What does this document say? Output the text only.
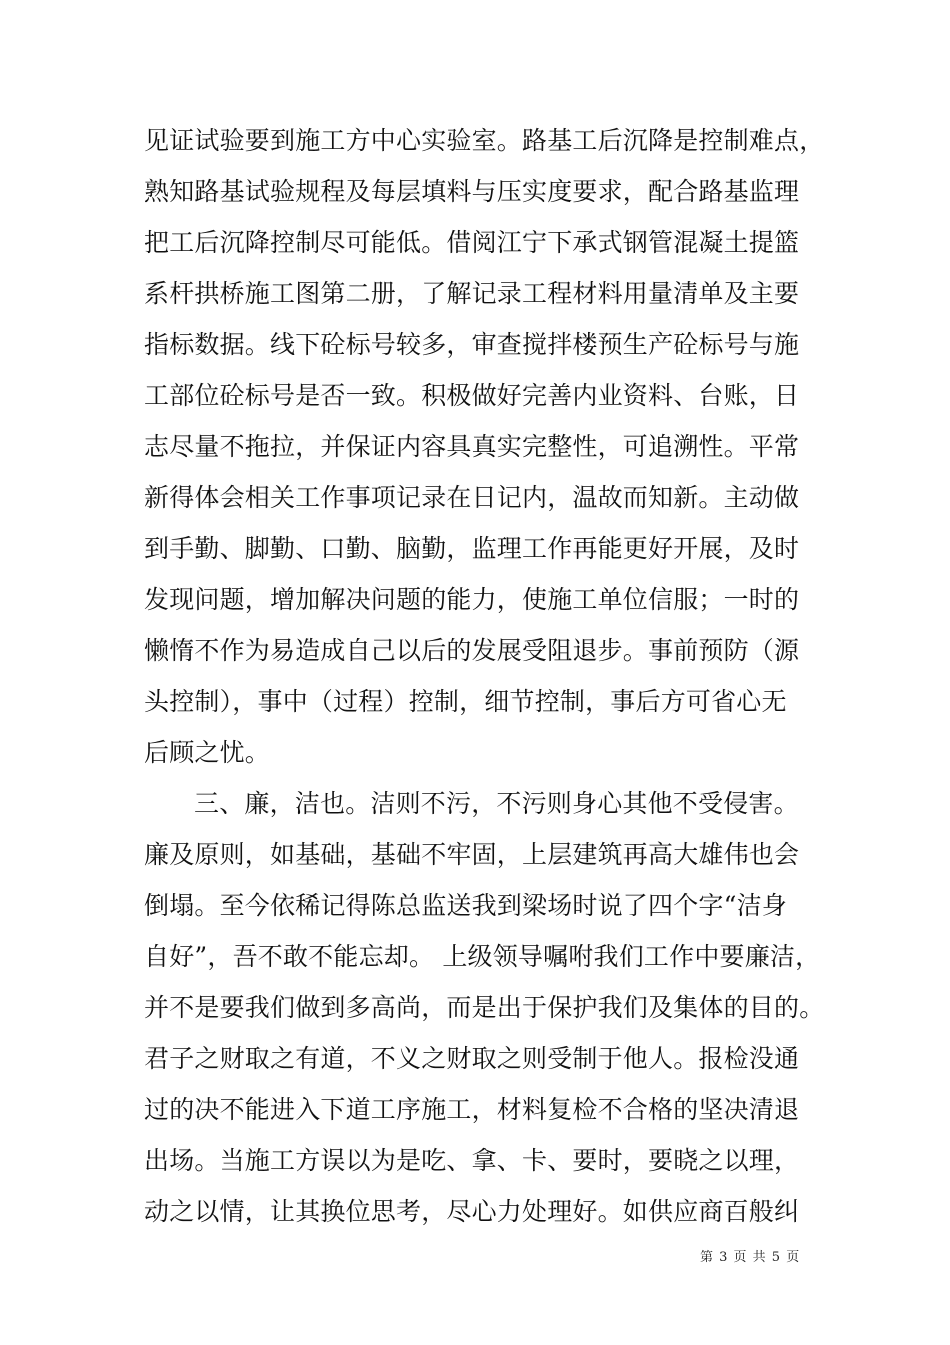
见证试验要到施工方中心实验室。路基工后沉降是控制难点，
熟知路基试验规程及每层填料与压实度要求，配合路基监理
把工后沉降控制尽可能低。借阅江宁下承式钢管混凝土提篮
系杆拱桥施工图第二册，了解记录工程材料用量清单及主要
指标数据。线下砼标号较多，审查搅拌楼预生产砼标号与施
工部位砼标号是否一致。积极做好完善内业资料、台账，日
志尽量不拖拉，并保证内容具真实完整性，可追溯性。平常
新得体会相关工作事项记录在日记内，温故而知新。主动做
到手勤、脚勤、口勤、脑勤，监理工作再能更好开展，及时
发现问题，增加解决问题的能力，使施工单位信服；一时的
懒惰不作为易造成自己以后的发展受阻退步。事前预防（源
头控制），事中（过程）控制，细节控制，事后方可省心无
后顾之忧。
三、廉，洁也。洁则不污，不污则身心其他不受侵害。
廉及原则，如基础，基础不牢固，上层建筑再高大雄伟也会
倒塌。至今依稀记得陈总监送我到梁场时说了四个字“洁身
自好”，吾不敢不能忘却。 上级领导嘱咐我们工作中要廉洁，
并不是要我们做到多高尚，而是出于保护我们及集体的目的。
君子之财取之有道，不义之财取之则受制于他人。报检没通
过的决不能进入下道工序施工，材料复检不合格的坚决清退
出场。当施工方误以为是吃、拿、卡、要时，要晓之以理，
动之以情，让其换位思考，尽心力处理好。如供应商百般纠
第 3 页 共 5 页
